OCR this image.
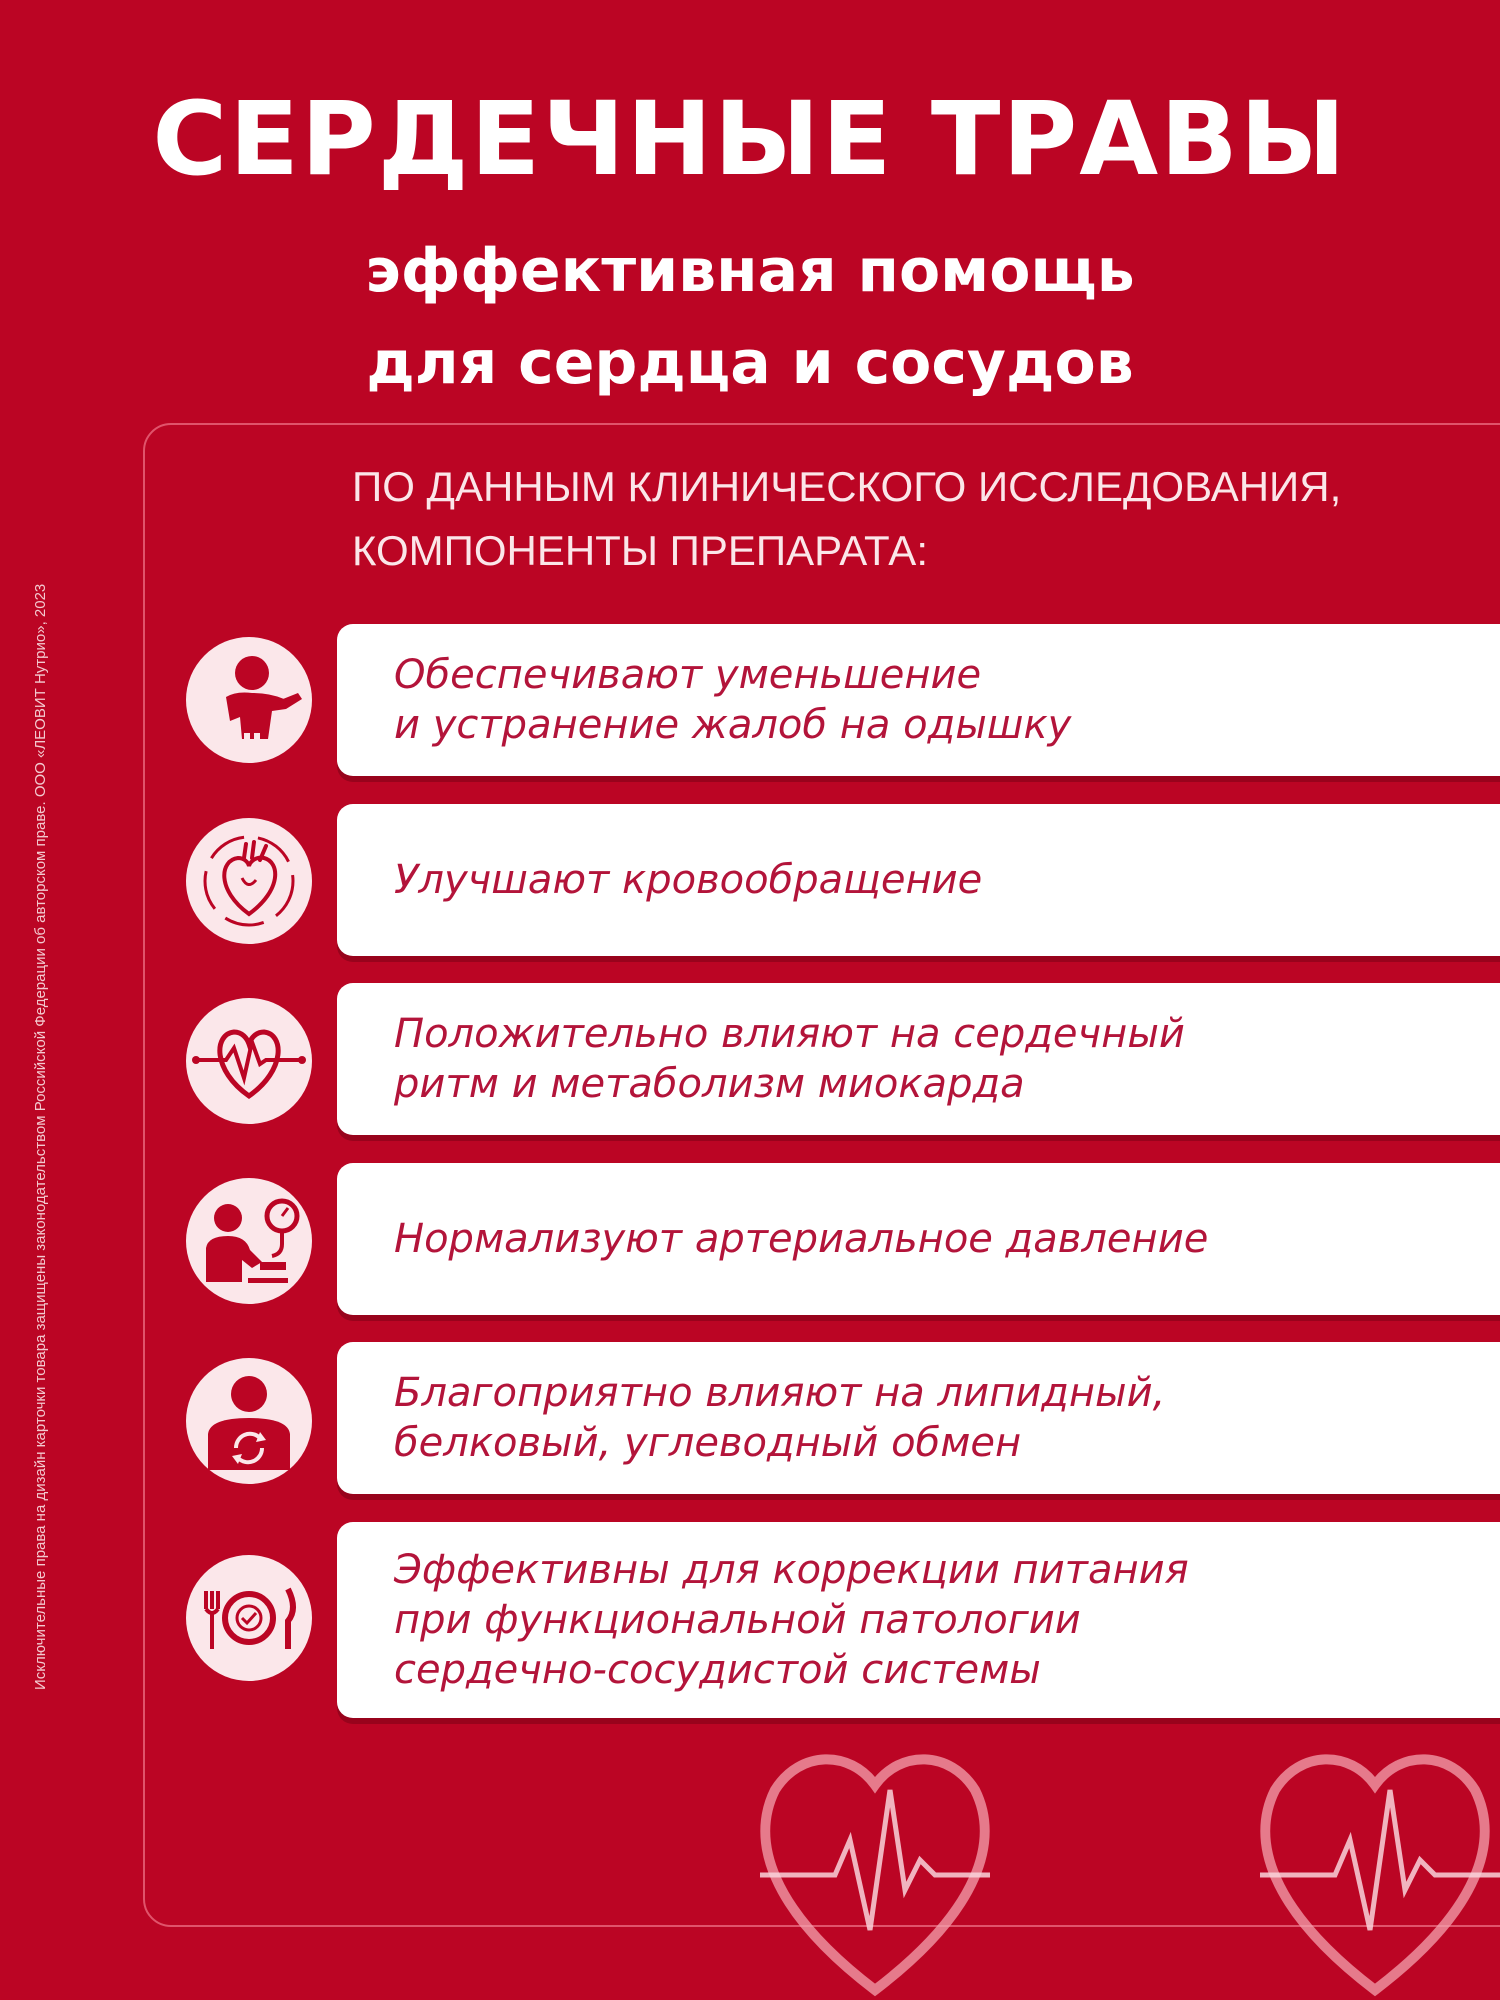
СЕРДЕЧНЫЕ ТРАВЫ
эффективная помощь
для сердца и сосудов
Исключительные права на дизайн карточки товара защищены законодательством Российской Федерации об авторском праве. ООО «ЛЕОВИТ Нутрио», 2023
ПО ДАННЫМ КЛИНИЧЕСКОГО ИССЛЕДОВАНИЯ,
КОМПОНЕНТЫ ПРЕПАРАТА:
Обеспечивают уменьшение
и устранение жалоб на одышку
Улучшают кровообращение
Положительно влияют на сердечный
ритм и метаболизм миокарда
Нормализуют артериальное давление
Благоприятно влияют на липидный,
белковый, углеводный обмен
Эффективны для коррекции питания
при функциональной патологии
сердечно-сосудистой системы
